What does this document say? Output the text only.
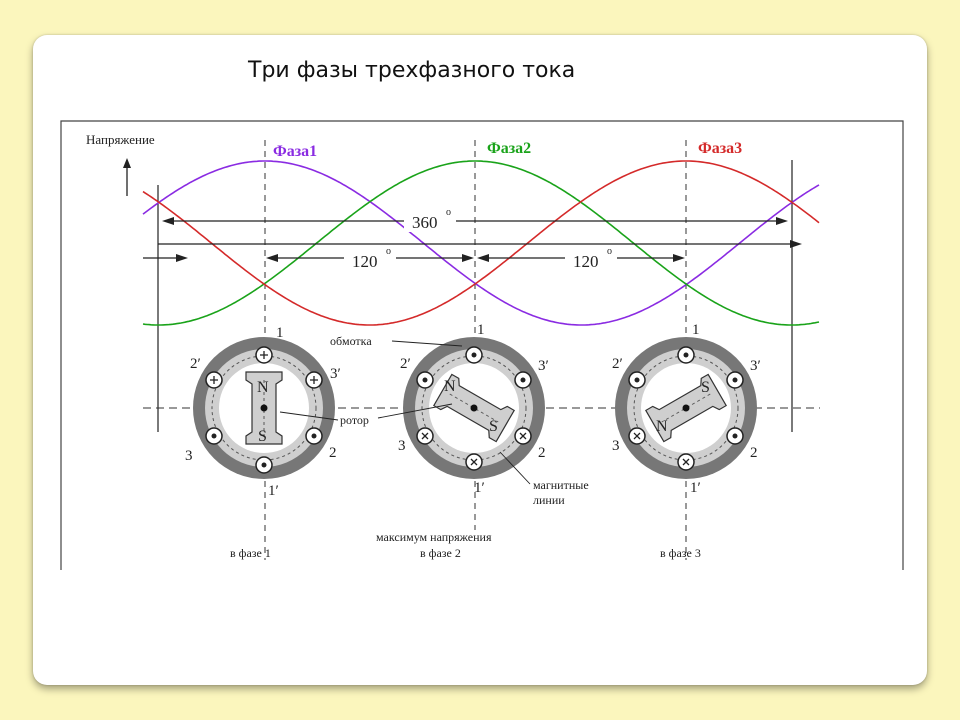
Три фазы трехфазного тока
Напряжение
Фаза1	Фаза2	Фаза3
360
o
120
o
120
o
N
S
1
1′
2′
2
3′
3
N
S
1
1′
2′
2
3′
3
S
N
1
1′
2′
2
3′
3
обмотка
ротор
магнитные
линии
в фазе 1
максимум напряжения
в фазе 2	в фазе 3
